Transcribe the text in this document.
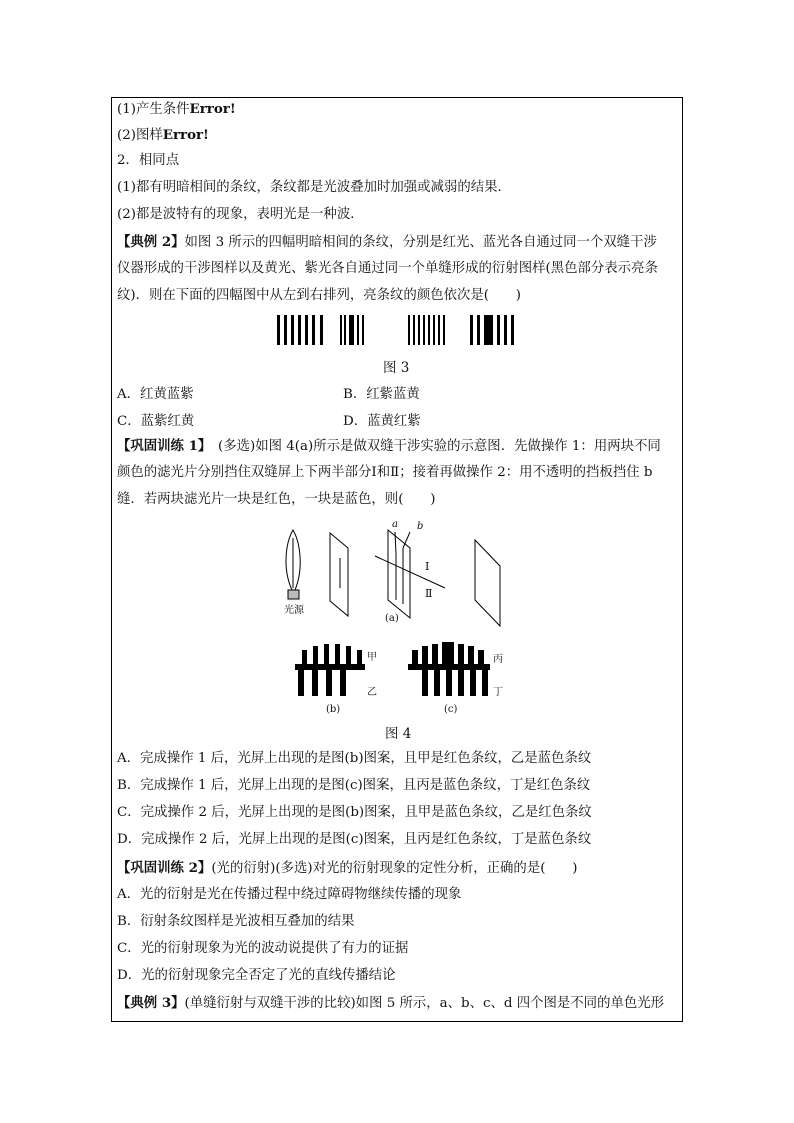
(1)产生条件Error!
(2)图样Error!
2．相同点
(1)都有明暗相间的条纹，条纹都是光波叠加时加强或减弱的结果．
(2)都是波特有的现象，表明光是一种波．
【典例 2】如图 3 所示的四幅明暗相间的条纹，分别是红光、蓝光各自通过同一个双缝干涉
仪器形成的干涉图样以及黄光、紫光各自通过同一个单缝形成的衍射图样(黑色部分表示亮条
纹)．则在下面的四幅图中从左到右排列，亮条纹的颜色依次是(　　)
图 3
A．红黄蓝紫	B．红紫蓝黄
C．蓝紫红黄	D．蓝黄红紫
【巩固训练 1】　(多选)如图 4(a)所示是做双缝干涉实验的示意图．先做操作 1：用两块不同
颜色的滤光片分别挡住双缝屏上下两半部分Ⅰ和Ⅱ；接着再做操作 2：用不透明的挡板挡住 b
缝．若两块滤光片一块是红色，一块是蓝色，则(　　)
a b
Ⅰ
Ⅱ
光源
(a)
甲
乙
(b)
丙
丁
(c)
图 4
A．完成操作 1 后，光屏上出现的是图(b)图案，且甲是红色条纹，乙是蓝色条纹
B．完成操作 1 后，光屏上出现的是图(c)图案，且丙是蓝色条纹，丁是红色条纹
C．完成操作 2 后，光屏上出现的是图(b)图案，且甲是蓝色条纹，乙是红色条纹
D．完成操作 2 后，光屏上出现的是图(c)图案，且丙是红色条纹，丁是蓝色条纹
【巩固训练 2】(光的衍射)(多选)对光的衍射现象的定性分析，正确的是(　　)
A．光的衍射是光在传播过程中绕过障碍物继续传播的现象
B．衍射条纹图样是光波相互叠加的结果
C．光的衍射现象为光的波动说提供了有力的证据
D．光的衍射现象完全否定了光的直线传播结论
【典例 3】(单缝衍射与双缝干涉的比较)如图 5 所示，a、b、c、d 四个图是不同的单色光形
